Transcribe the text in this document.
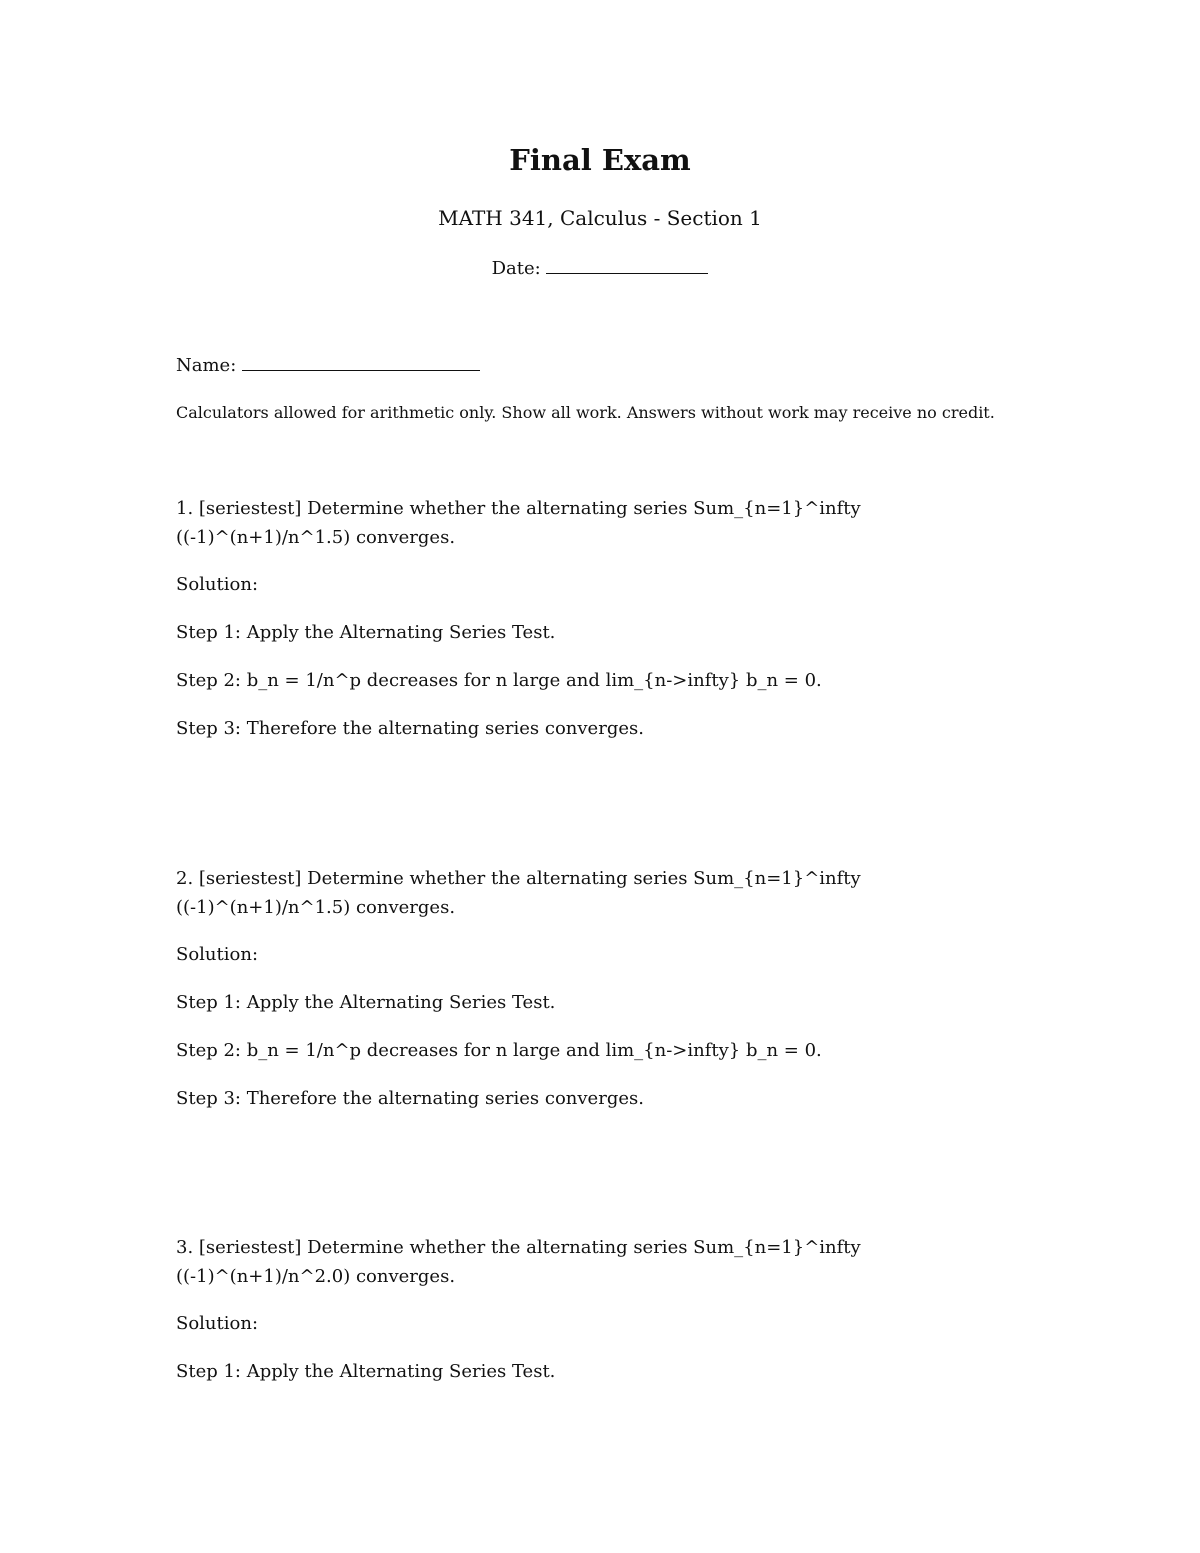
Final Exam
MATH 341, Calculus - Section 1
Date:
Name:
Calculators allowed for arithmetic only. Show all work. Answers without work may receive no credit.

1. [seriestest] Determine whether the alternating series Sum_{n=1}^infty
((-1)^(n+1)/n^1.5) converges.

Solution:

Step 1: Apply the Alternating Series Test.

Step 2: b_n = 1/n^p decreases for n large and lim_{n->infty} b_n = 0.

Step 3: Therefore the alternating series converges.

2. [seriestest] Determine whether the alternating series Sum_{n=1}^infty
((-1)^(n+1)/n^1.5) converges.

Solution:

Step 1: Apply the Alternating Series Test.

Step 2: b_n = 1/n^p decreases for n large and lim_{n->infty} b_n = 0.

Step 3: Therefore the alternating series converges.

3. [seriestest] Determine whether the alternating series Sum_{n=1}^infty
((-1)^(n+1)/n^2.0) converges.

Solution:

Step 1: Apply the Alternating Series Test.
